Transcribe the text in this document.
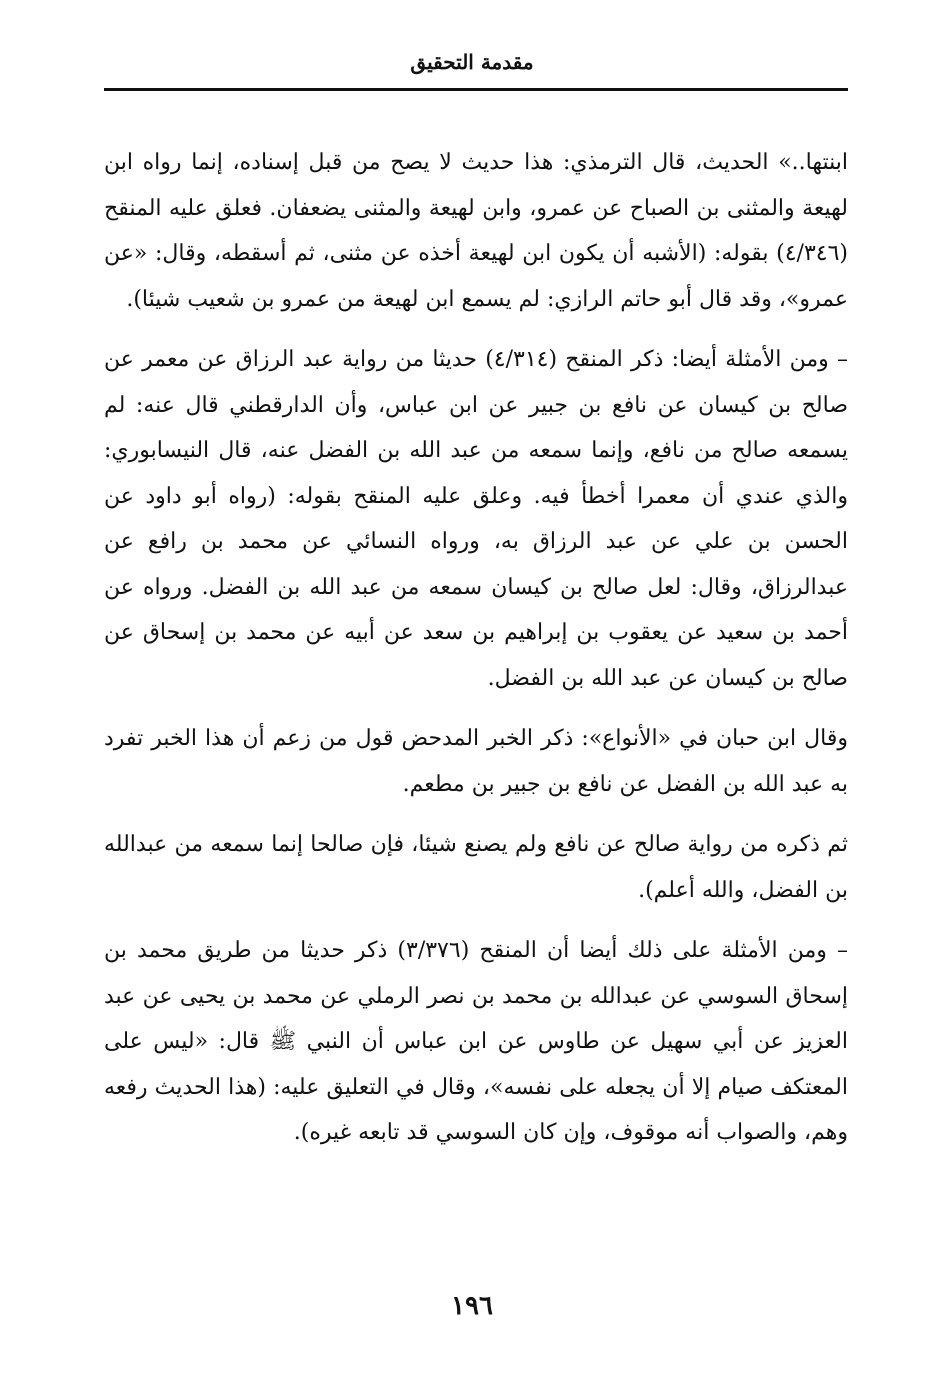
مقدمة التحقيق

ابنتها..» الحديث، قال الترمذي: هذا حديث لا يصح من قبل إسناده، إنما رواه ابن لهيعة والمثنى بن الصباح عن عمرو، وابن لهيعة والمثنى يضعفان. فعلق عليه المنقح (٤/٣٤٦) بقوله: (الأشبه أن يكون ابن لهيعة أخذه عن مثنى، ثم أسقطه، وقال: «عن عمرو»، وقد قال أبو حاتم الرازي: لم يسمع ابن لهيعة من عمرو بن شعيب شيئا).

– ومن الأمثلة أيضا: ذكر المنقح (٤/٣١٤) حديثا من رواية عبد الرزاق عن معمر عن صالح بن كيسان عن نافع بن جبير عن ابن عباس، وأن الدارقطني قال عنه: لم يسمعه صالح من نافع، وإنما سمعه من عبد الله بن الفضل عنه، قال النيسابوري: والذي عندي أن معمرا أخطأ فيه. وعلق عليه المنقح بقوله: (رواه أبو داود عن الحسن بن علي عن عبد الرزاق به، ورواه النسائي عن محمد بن رافع عن عبدالرزاق، وقال: لعل صالح بن كيسان سمعه من عبد الله بن الفضل. ورواه عن أحمد بن سعيد عن يعقوب بن إبراهيم بن سعد عن أبيه عن محمد بن إسحاق عن صالح بن كيسان عن عبد الله بن الفضل.

وقال ابن حبان في «الأنواع»: ذكر الخبر المدحض قول من زعم أن هذا الخبر تفرد به عبد الله بن الفضل عن نافع بن جبير بن مطعم.

ثم ذكره من رواية صالح عن نافع ولم يصنع شيئا، فإن صالحا إنما سمعه من عبدالله بن الفضل، والله أعلم).

– ومن الأمثلة على ذلك أيضا أن المنقح (٣/٣٧٦) ذكر حديثا من طريق محمد بن إسحاق السوسي عن عبدالله بن محمد بن نصر الرملي عن محمد بن يحيى عن عبد العزيز عن أبي سهيل عن طاوس عن ابن عباس أن النبي ﷺ قال: «ليس على المعتكف صيام إلا أن يجعله على نفسه»، وقال في التعليق عليه: (هذا الحديث رفعه وهم، والصواب أنه موقوف، وإن كان السوسي قد تابعه غيره).

١٩٦
